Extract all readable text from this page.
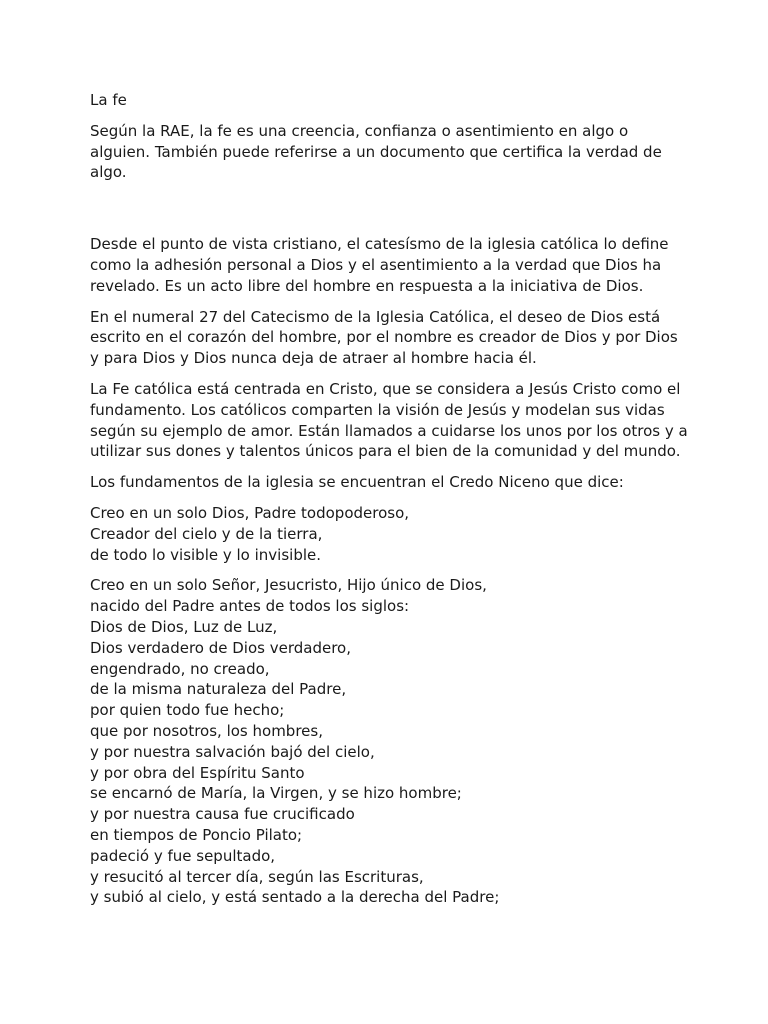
La fe

Según la RAE, la fe es una creencia, confianza o asentimiento en algo o alguien. También puede referirse a un documento que certifica la verdad de algo.

Desde el punto de vista cristiano, el catesísmo de la iglesia católica lo define como la adhesión personal a Dios y el asentimiento a la verdad que Dios ha revelado. Es un acto libre del hombre en respuesta a la iniciativa de Dios.

En el numeral 27 del Catecismo de la Iglesia Católica, el deseo de Dios está escrito en el corazón del hombre, por el nombre es creador de Dios y por Dios y para Dios y Dios nunca deja de atraer al hombre hacia él.

La Fe católica está centrada en Cristo, que se considera a Jesús Cristo como el fundamento. Los católicos comparten la visión de Jesús y modelan sus vidas según su ejemplo de amor. Están llamados a cuidarse los unos por los otros y a utilizar sus dones y talentos únicos para el bien de la comunidad y del mundo.

Los fundamentos de la iglesia se encuentran el Credo Niceno que dice:

Creo en un solo Dios, Padre todopoderoso,
Creador del cielo y de la tierra,
de todo lo visible y lo invisible.

Creo en un solo Señor, Jesucristo, Hijo único de Dios,
nacido del Padre antes de todos los siglos:
Dios de Dios, Luz de Luz,
Dios verdadero de Dios verdadero,
engendrado, no creado,
de la misma naturaleza del Padre,
por quien todo fue hecho;
que por nosotros, los hombres,
y por nuestra salvación bajó del cielo,
y por obra del Espíritu Santo
se encarnó de María, la Virgen, y se hizo hombre;
y por nuestra causa fue crucificado
en tiempos de Poncio Pilato;
padeció y fue sepultado,
y resucitó al tercer día, según las Escrituras,
y subió al cielo, y está sentado a la derecha del Padre;
